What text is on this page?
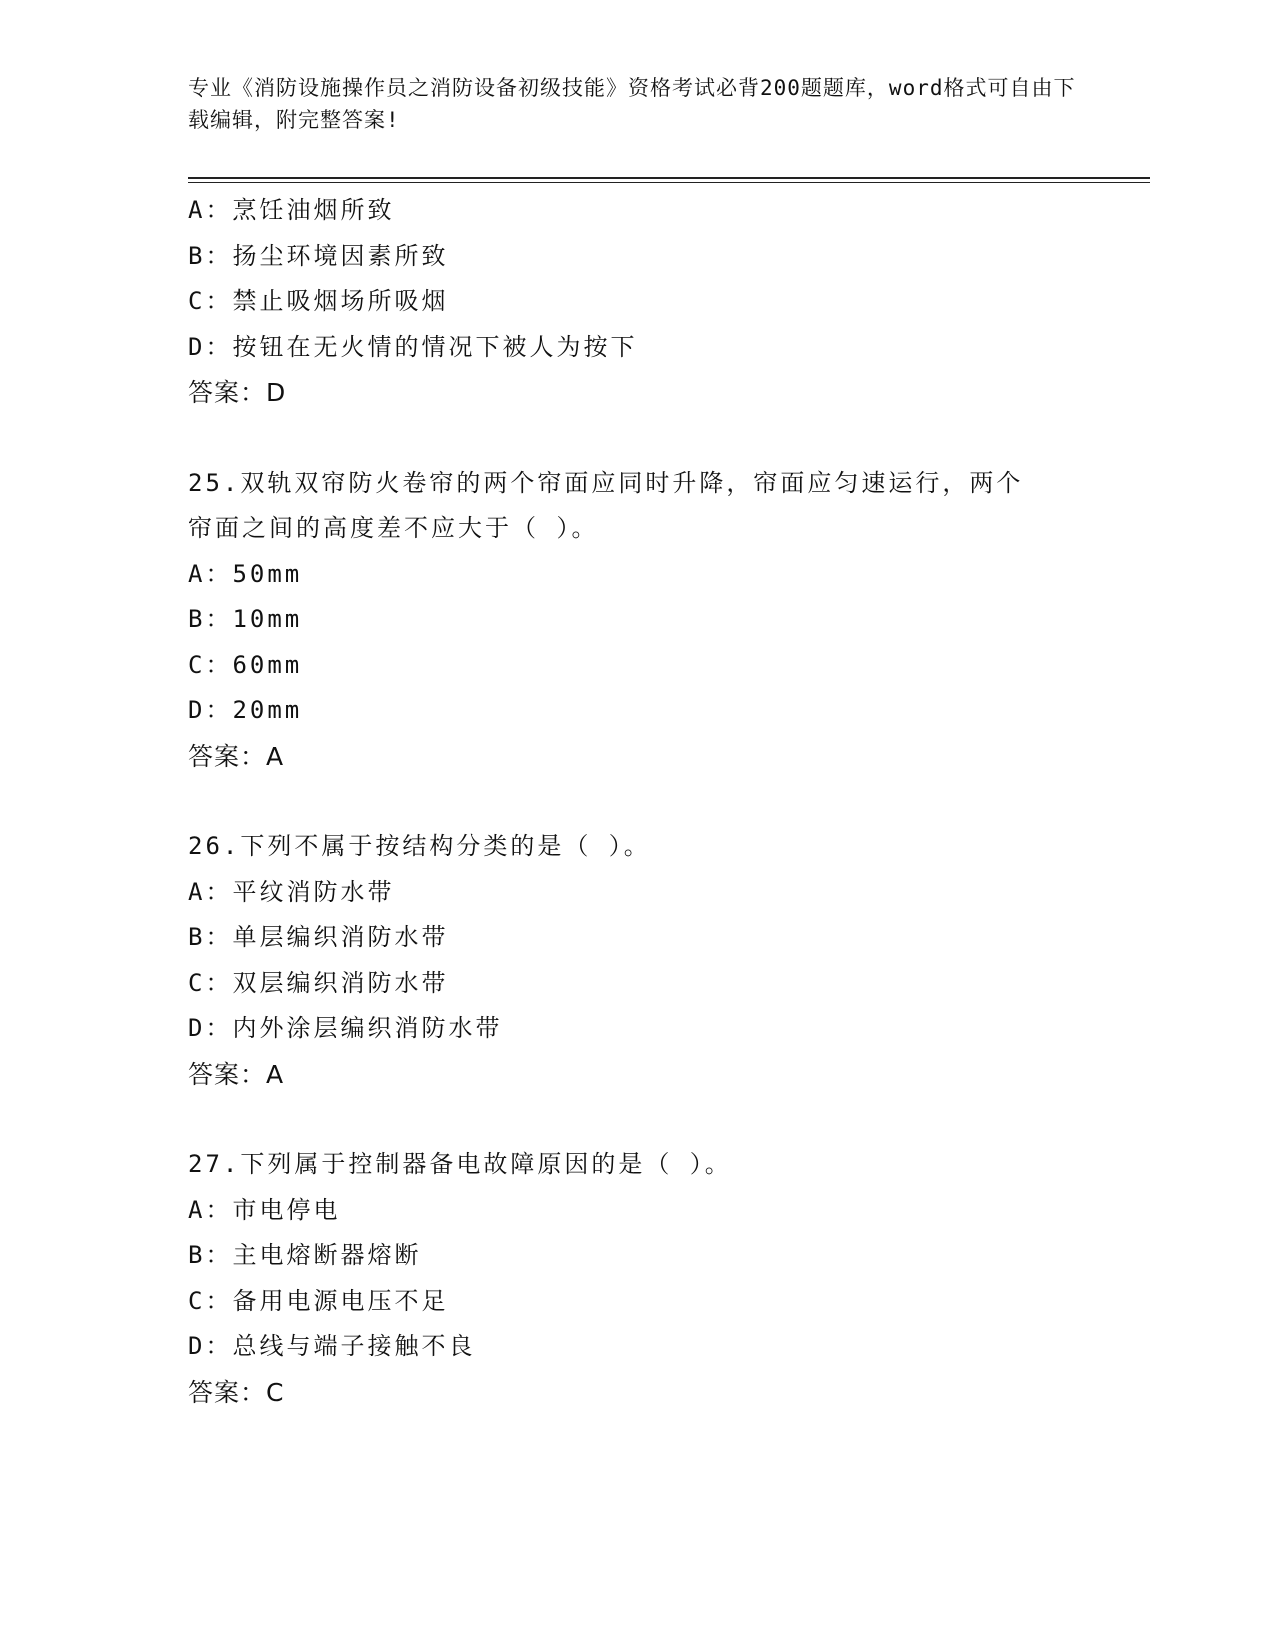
专业《消防设施操作员之消防设备初级技能》资格考试必背200题题库，word格式可自由下载编辑，附完整答案!
A：烹饪油烟所致
B：扬尘环境因素所致
C：禁止吸烟场所吸烟
D：按钮在无火情的情况下被人为按下
答案：D
25.双轨双帘防火卷帘的两个帘面应同时升降，帘面应匀速运行，两个帘面之间的高度差不应大于（ ）。
A：50mm
B：10mm
C：60mm
D：20mm
答案：A
26.下列不属于按结构分类的是（ ）。
A：平纹消防水带
B：单层编织消防水带
C：双层编织消防水带
D：内外涂层编织消防水带
答案：A
27.下列属于控制器备电故障原因的是（ ）。
A：市电停电
B：主电熔断器熔断
C：备用电源电压不足
D：总线与端子接触不良
答案：C
